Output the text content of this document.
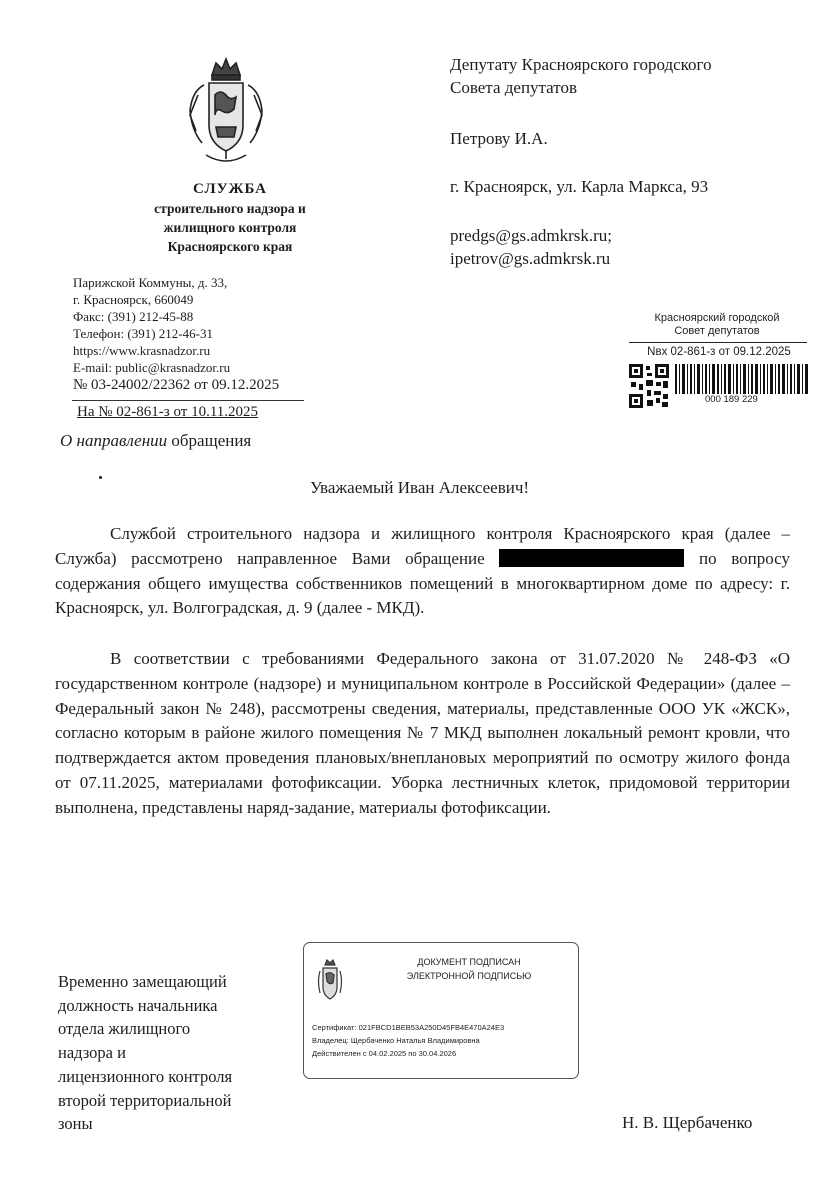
СЛУЖБА
строительного надзора и
жилищного контроля
Красноярского края
Парижской Коммуны, д. 33,
г. Красноярск, 660049
Факс: (391) 212-45-88
Телефон: (391) 212-46-31
https://www.krasnadzor.ru
E-mail: public@krasnadzor.ru
№ 03-24002/22362 от 09.12.2025
На № 02-861-з от 10.11.2025
О направлении обращения
Депутату Красноярского городского
Совета депутатов
Петрову И.А.
г. Красноярск, ул. Карла Маркса, 93
predgs@gs.admkrsk.ru;
ipetrov@gs.admkrsk.ru
Красноярский городской
Совет депутатов
Nвх 02-861-з от 09.12.2025
000 189 229
Уважаемый Иван Алексеевич!
Службой строительного надзора и жилищного контроля Красноярского края (далее – Служба) рассмотрено направленное Вами обращение	по вопросу содержания общего имущества собственников помещений в многоквартирном доме по адресу: г. Красноярск, ул. Волгоградская, д. 9 (далее - МКД).
В соответствии с требованиями Федерального закона от 31.07.2020 № 248-ФЗ «О государственном контроле (надзоре) и муниципальном контроле в Российской Федерации» (далее – Федеральный закон № 248), рассмотрены сведения, материалы, представленные ООО УК «ЖСК», согласно которым в районе жилого помещения № 7 МКД выполнен локальный ремонт кровли, что подтверждается актом проведения плановых/внеплановых мероприятий по осмотру жилого фонда от 07.11.2025, материалами фотофиксации. Уборка лестничных клеток, придомовой территории выполнена, представлены наряд-задание, материалы фотофиксации.
Временно замещающий
должность начальника
отдела жилищного
надзора и
лицензионного контроля
второй территориальной
зоны
ДОКУМЕНТ ПОДПИСАН
ЭЛЕКТРОННОЙ ПОДПИСЬЮ
Сертификат: 021FBCD1BEB53A250D45FB4E470A24E3
Владелец: Щербаченко Наталья Владимировна
Действителен с 04.02.2025 по 30.04.2026
Н. В. Щербаченко
